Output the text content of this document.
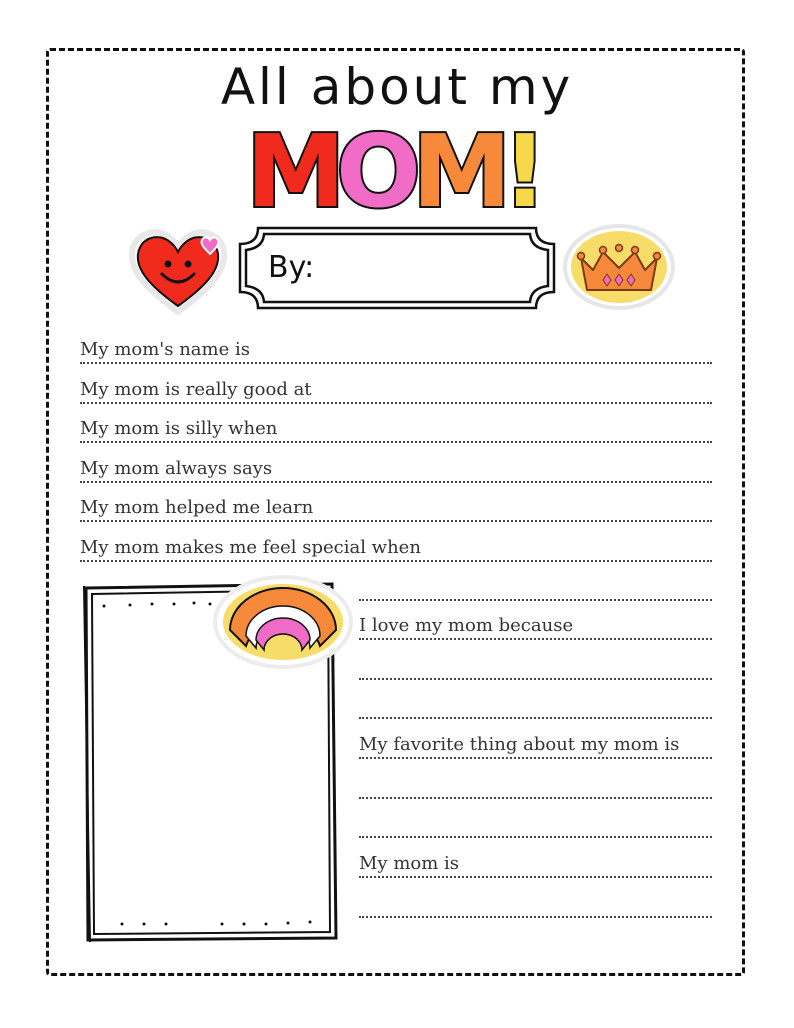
All about my
M
O
M
!
By:
My mom's name is
My mom is really good at
My mom is silly when
My mom always says
My mom helped me learn
My mom makes me feel special when
I love my mom because
My favorite thing about my mom is
My mom is
